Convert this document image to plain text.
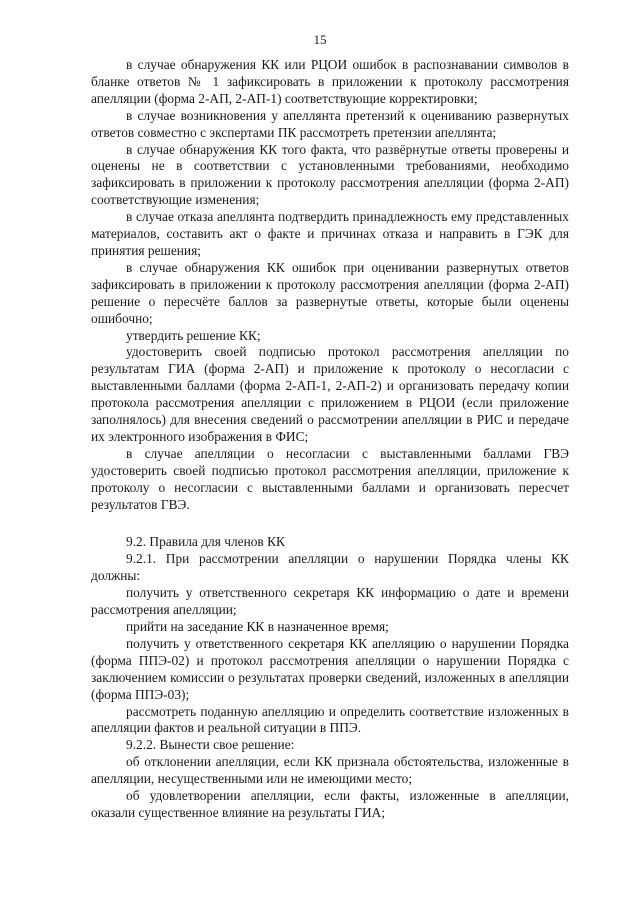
15

в случае обнаружения КК или РЦОИ ошибок в распознавании символов в бланке ответов № 1 зафиксировать в приложении к протоколу рассмотрения апелляции (форма 2-АП, 2-АП-1) соответствующие корректировки;

в случае возникновения у апеллянта претензий к оцениванию развернутых ответов совместно с экспертами ПК рассмотреть претензии апеллянта;

в случае обнаружения КК того факта, что развёрнутые ответы проверены и оценены не в соответствии с установленными требованиями, необходимо зафиксировать в приложении к протоколу рассмотрения апелляции (форма 2-АП) соответствующие изменения;

в случае отказа апеллянта подтвердить принадлежность ему представленных материалов, составить акт о факте и причинах отказа и направить в ГЭК для принятия решения;

в случае обнаружения КК ошибок при оценивании развернутых ответов зафиксировать в приложении к протоколу рассмотрения апелляции (форма 2-АП) решение о пересчёте баллов за развернутые ответы, которые были оценены ошибочно;

утвердить решение КК;

удостоверить своей подписью протокол рассмотрения апелляции по результатам ГИА (форма 2-АП) и приложение к протоколу о несогласии с выставленными баллами (форма 2-АП-1, 2-АП-2) и организовать передачу копии протокола рассмотрения апелляции с приложением в РЦОИ (если приложение заполнялось) для внесения сведений о рассмотрении апелляции в РИС и передаче их электронного изображения в ФИС;

в случае апелляции о несогласии с выставленными баллами ГВЭ удостоверить своей подписью протокол рассмотрения апелляции, приложение к протоколу о несогласии с выставленными баллами и организовать пересчет результатов ГВЭ.

9.2. Правила для членов КК

9.2.1. При рассмотрении апелляции о нарушении Порядка члены КК должны:

получить у ответственного секретаря КК информацию о дате и времени рассмотрения апелляции;

прийти на заседание КК в назначенное время;

получить у ответственного секретаря КК апелляцию о нарушении Порядка (форма ППЭ-02) и протокол рассмотрения апелляции о нарушении Порядка с заключением комиссии о результатах проверки сведений, изложенных в апелляции (форма ППЭ-03);

рассмотреть поданную апелляцию и определить соответствие изложенных в апелляции фактов и реальной ситуации в ППЭ.

9.2.2. Вынести свое решение:

об отклонении апелляции, если КК признала обстоятельства, изложенные в апелляции, несущественными или не имеющими место;

об удовлетворении апелляции, если факты, изложенные в апелляции, оказали существенное влияние на результаты ГИА;
